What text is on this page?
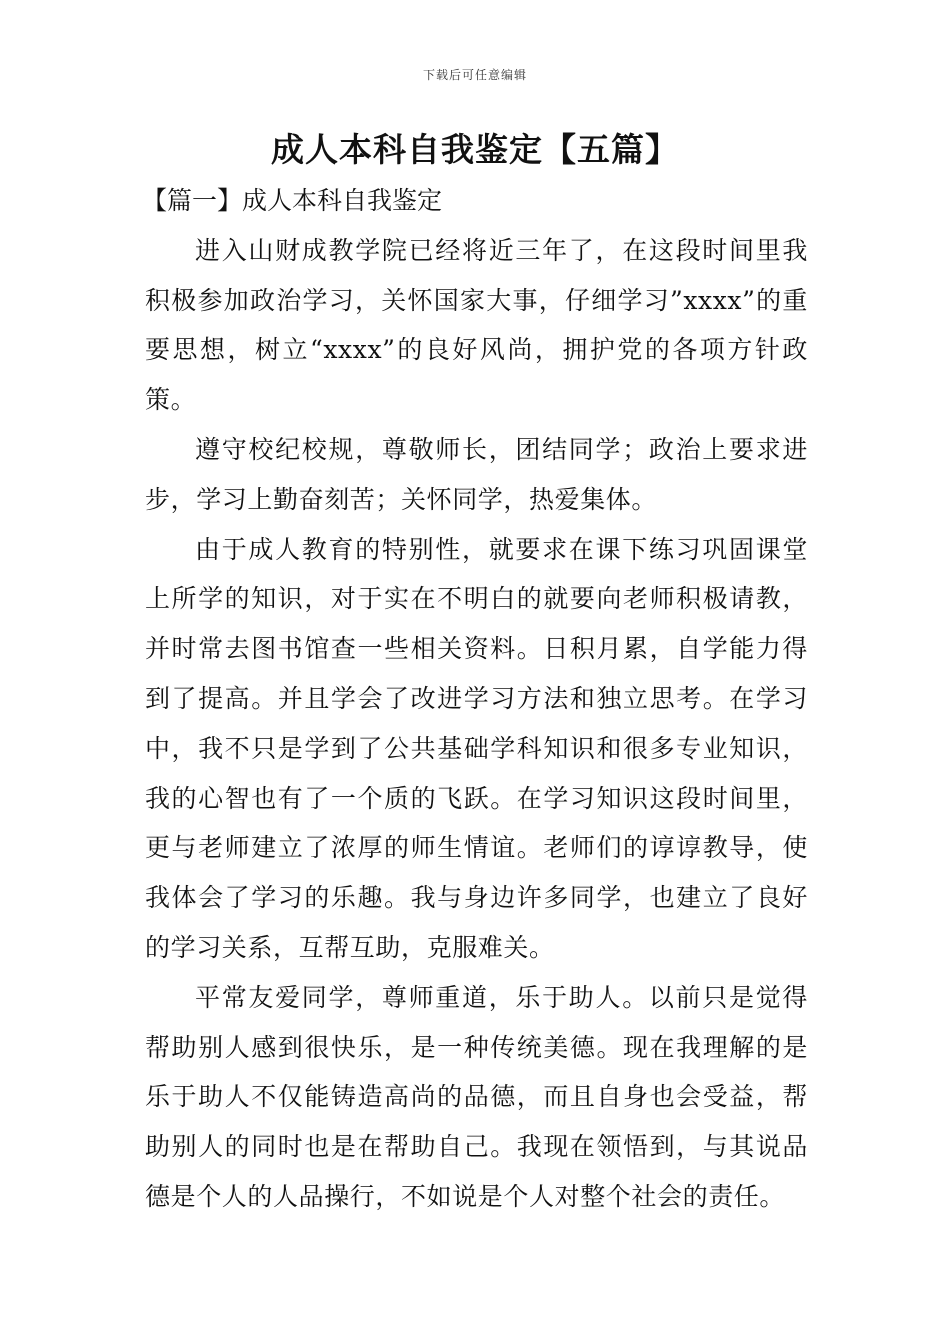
下载后可任意编辑
成人本科自我鉴定【五篇】
【篇一】成人本科自我鉴定

进入山财成教学院已经将近三年了，在这段时间里我积极参加政治学习，关怀国家大事，仔细学习”xxxx”的重要思想，树立“xxxx”的良好风尚，拥护党的各项方针政策。

遵守校纪校规，尊敬师长，团结同学；政治上要求进步，学习上勤奋刻苦；关怀同学，热爱集体。

由于成人教育的特别性，就要求在课下练习巩固课堂上所学的知识，对于实在不明白的就要向老师积极请教，并时常去图书馆查一些相关资料。日积月累，自学能力得到了提高。并且学会了改进学习方法和独立思考。在学习中，我不只是学到了公共基础学科知识和很多专业知识，我的心智也有了一个质的飞跃。在学习知识这段时间里，更与老师建立了浓厚的师生情谊。老师们的谆谆教导，使我体会了学习的乐趣。我与身边许多同学，也建立了良好的学习关系，互帮互助，克服难关。

平常友爱同学，尊师重道，乐于助人。以前只是觉得帮助别人感到很快乐，是一种传统美德。现在我理解的是乐于助人不仅能铸造高尚的品德，而且自身也会受益，帮助别人的同时也是在帮助自己。我现在领悟到，与其说品德是个人的人品操行，不如说是个人对整个社会的责任。
